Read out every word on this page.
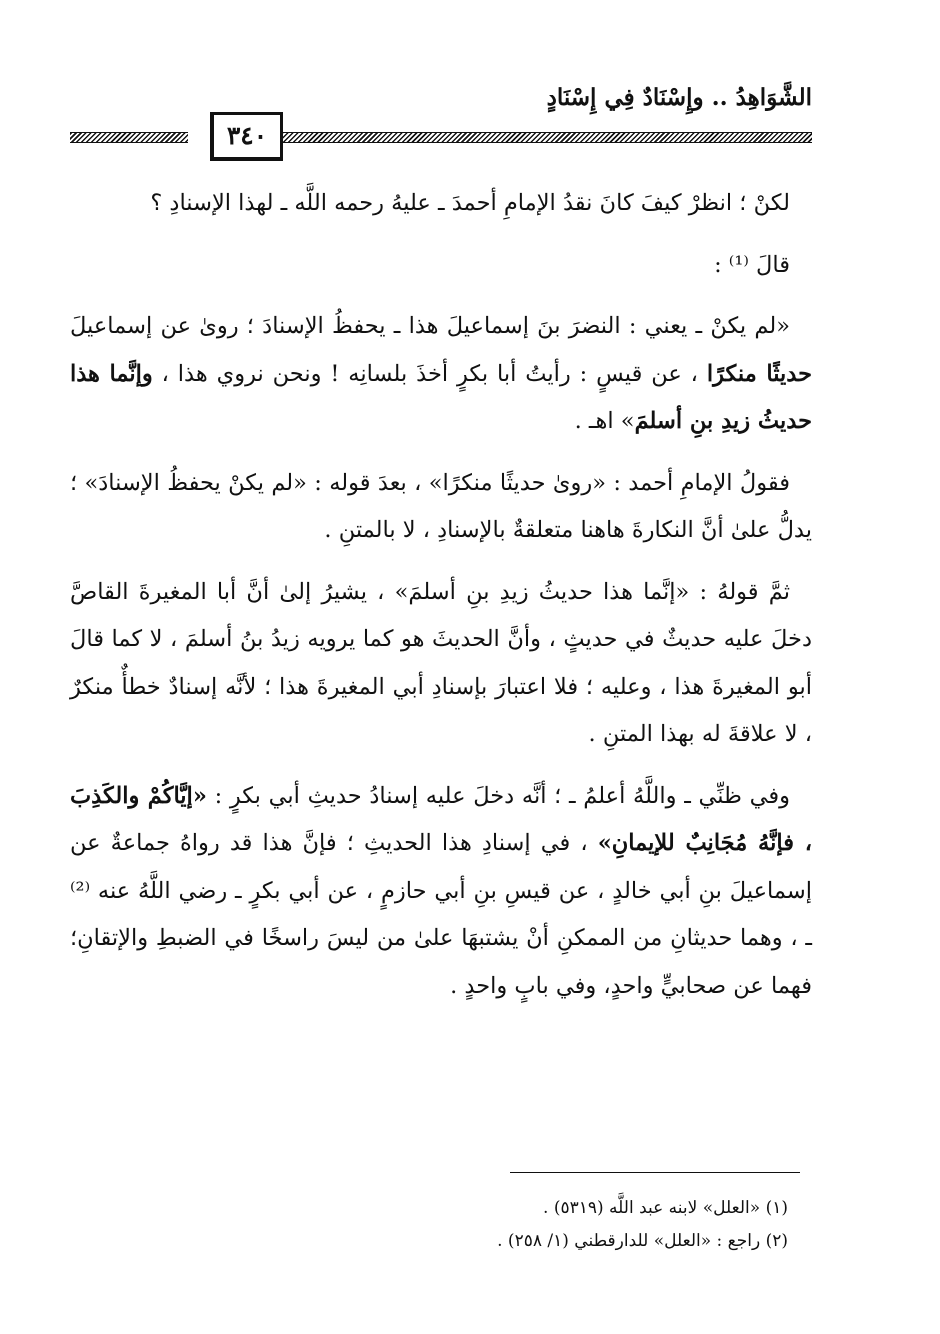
الشَّوَاهِدُ .. وإِسْنَادٌ فِي إِسْنَادٍ
٣٤٠

لكنْ ؛ انظرْ كيفَ كانَ نقدُ الإمامِ أحمدَ ـ عليهُ رحمه اللَّه ـ لهذا الإسنادِ ؟

قالَ ⁽¹⁾ :

«لم يكنْ ـ يعني : النضرَ بنَ إسماعيلَ هذا ـ يحفظُ الإسنادَ ؛ روىٰ عن إسماعيلَ حديثًا منكرًا ، عن قيسٍ : رأيتُ أبا بكرٍ أخذَ بلسانِه ! ونحن نروي هذا ، وإنَّما هذا حديثُ زيدِ بنِ أسلمَ» اهـ .

فقولُ الإمامِ أحمد : «روىٰ حديثًا منكرًا» ، بعدَ قوله : «لم يكنْ يحفظُ الإسنادَ» ؛ يدلُّ علىٰ أنَّ النكارةَ هاهنا متعلقةٌ بالإسنادِ ، لا بالمتنِ .

ثمَّ قولهُ : «إنَّما هذا حديثُ زيدِ بنِ أسلمَ» ، يشيرُ إلىٰ أنَّ أبا المغيرةَ القاصَّ دخلَ عليه حديثٌ في حديثٍ ، وأنَّ الحديثَ هو كما يرويه زيدُ بنُ أسلمَ ، لا كما قالَ أبو المغيرةَ هذا ، وعليه ؛ فلا اعتبارَ بإسنادِ أبي المغيرةَ هذا ؛ لأنَّه إسنادٌ خطأٌ منكرٌ ، لا علاقةَ له بهذا المتنِ .

وفي ظنِّي ـ واللَّهُ أعلمُ ـ ؛ أنَّه دخلَ عليه إسنادُ حديثِ أبي بكرٍ : «إيَّاكُمْ والكَذِبَ ، فإنَّهُ مُجَانِبٌ للإيمانِ» ، في إسنادِ هذا الحديثِ ؛ فإنَّ هذا قد رواهُ جماعةٌ عن إسماعيلَ بنِ أبي خالدٍ ، عن قيسِ بنِ أبي حازمٍ ، عن أبي بكرٍ ـ رضي اللَّهُ عنه ⁽²⁾ ـ ، وهما حديثانِ من الممكنِ أنْ يشتبهَا علىٰ من ليسَ راسخًا في الضبطِ والإتقانِ؛ فهما عن صحابيٍّ واحدٍ، وفي بابٍ واحدٍ .

(١) «العلل» لابنه عبد اللَّه (٥٣١٩) .
(٢) راجع : «العلل» للدارقطني (١/ ٢٥٨) .
